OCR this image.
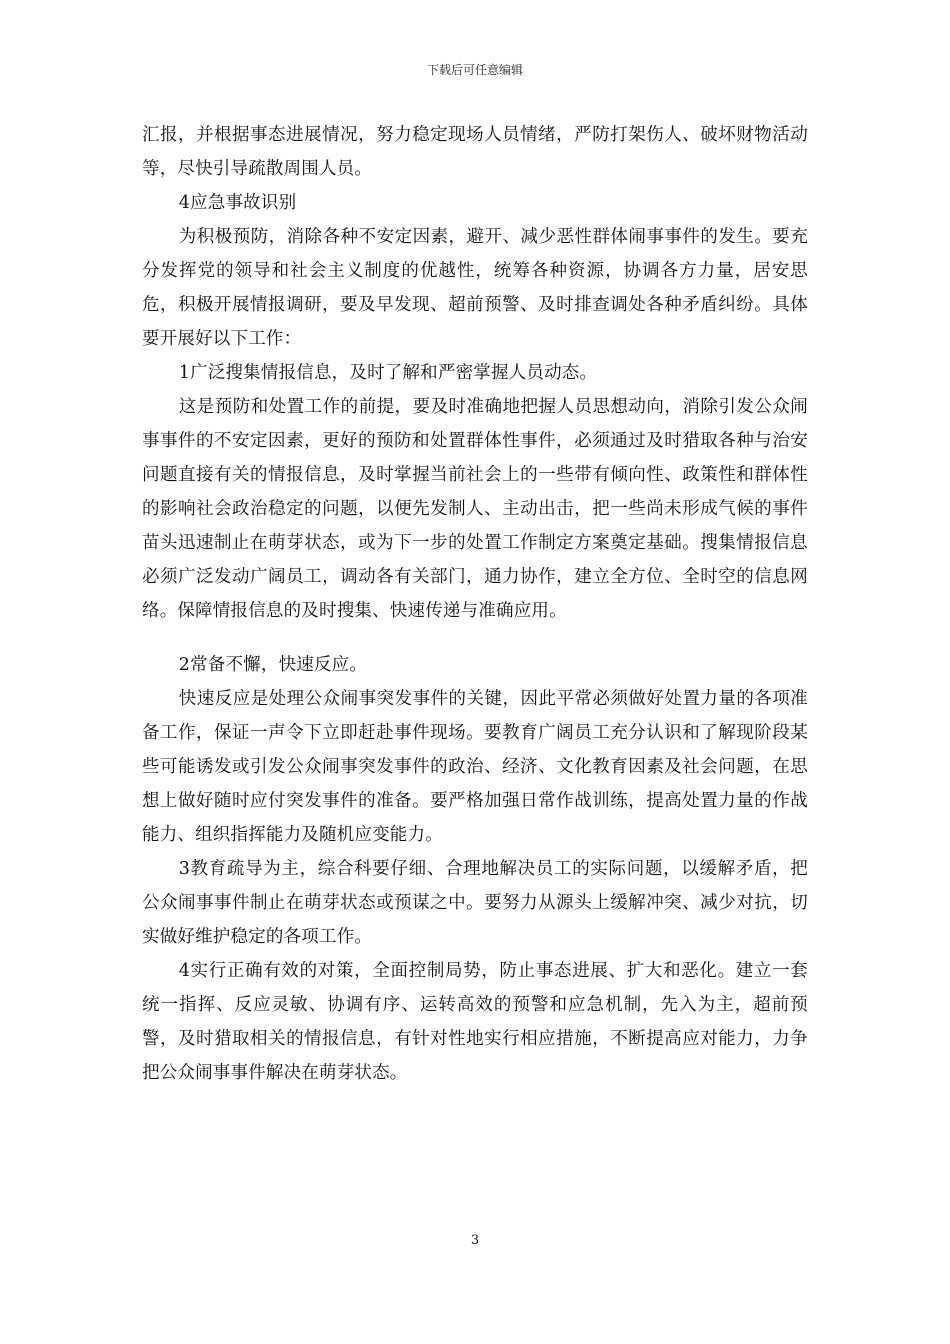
下载后可任意编辑

汇报，并根据事态进展情况，努力稳定现场人员情绪，严防打架伤人、破坏财物活动等，尽快引导疏散周围人员。

4应急事故识别

为积极预防，消除各种不安定因素，避开、减少恶性群体闹事事件的发生。要充分发挥党的领导和社会主义制度的优越性，统筹各种资源，协调各方力量，居安思危，积极开展情报调研，要及早发现、超前预警、及时排查调处各种矛盾纠纷。具体要开展好以下工作：

1广泛搜集情报信息，及时了解和严密掌握人员动态。

这是预防和处置工作的前提，要及时准确地把握人员思想动向，消除引发公众闹事事件的不安定因素，更好的预防和处置群体性事件，必须通过及时猎取各种与治安问题直接有关的情报信息，及时掌握当前社会上的一些带有倾向性、政策性和群体性的影响社会政治稳定的问题，以便先发制人、主动出击，把一些尚未形成气候的事件苗头迅速制止在萌芽状态，或为下一步的处置工作制定方案奠定基础。搜集情报信息必须广泛发动广阔员工，调动各有关部门，通力协作，建立全方位、全时空的信息网络。保障情报信息的及时搜集、快速传递与准确应用。

2常备不懈，快速反应。

快速反应是处理公众闹事突发事件的关键，因此平常必须做好处置力量的各项准备工作，保证一声令下立即赶赴事件现场。要教育广阔员工充分认识和了解现阶段某些可能诱发或引发公众闹事突发事件的政治、经济、文化教育因素及社会问题，在思想上做好随时应付突发事件的准备。要严格加强日常作战训练，提高处置力量的作战能力、组织指挥能力及随机应变能力。

3教育疏导为主，综合科要仔细、合理地解决员工的实际问题，以缓解矛盾，把公众闹事事件制止在萌芽状态或预谋之中。要努力从源头上缓解冲突、减少对抗，切实做好维护稳定的各项工作。

4实行正确有效的对策，全面控制局势，防止事态进展、扩大和恶化。建立一套统一指挥、反应灵敏、协调有序、运转高效的预警和应急机制，先入为主，超前预警，及时猎取相关的情报信息，有针对性地实行相应措施，不断提高应对能力，力争把公众闹事事件解决在萌芽状态。

3
